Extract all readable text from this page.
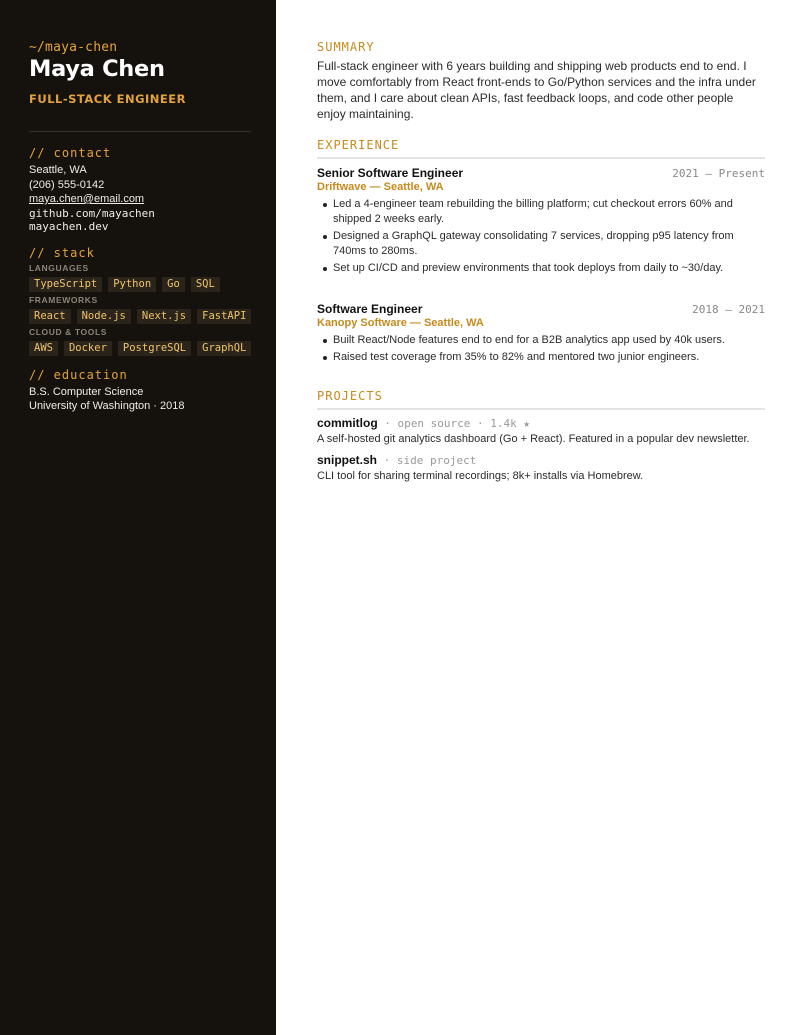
~/maya-chen
Maya Chen
FULL-STACK ENGINEER
// contact
Seattle, WA
(206) 555-0142
maya.chen@email.com
github.com/mayachen
mayachen.dev
// stack
LANGUAGES
TypeScript	Python	Go	SQL
FRAMEWORKS
React	Node.js	Next.js	FastAPI
CLOUD & TOOLS
AWS	Docker	PostgreSQL	GraphQL
// education
B.S. Computer Science
University of Washington · 2018
SUMMARY

Full-stack engineer with 6 years building and shipping web products end to end. I move comfortably from React front-ends to Go/Python services and the infra under them, and I care about clean APIs, fast feedback loops, and code other people enjoy maintaining.

EXPERIENCE
Senior Software Engineer	2021 — Present
Driftwave — Seattle, WA
Led a 4-engineer team rebuilding the billing platform; cut checkout errors 60% and shipped 2 weeks early.
Designed a GraphQL gateway consolidating 7 services, dropping p95 latency from 740ms to 280ms.
Set up CI/CD and preview environments that took deploys from daily to ~30/day.
Software Engineer	2018 — 2021
Kanopy Software — Seattle, WA
Built React/Node features end to end for a B2B analytics app used by 40k users.
Raised test coverage from 35% to 82% and mentored two junior engineers.
PROJECTS
commitlog · open source · 1.4k ★
A self-hosted git analytics dashboard (Go + React). Featured in a popular dev newsletter.
snippet.sh · side project
CLI tool for sharing terminal recordings; 8k+ installs via Homebrew.
